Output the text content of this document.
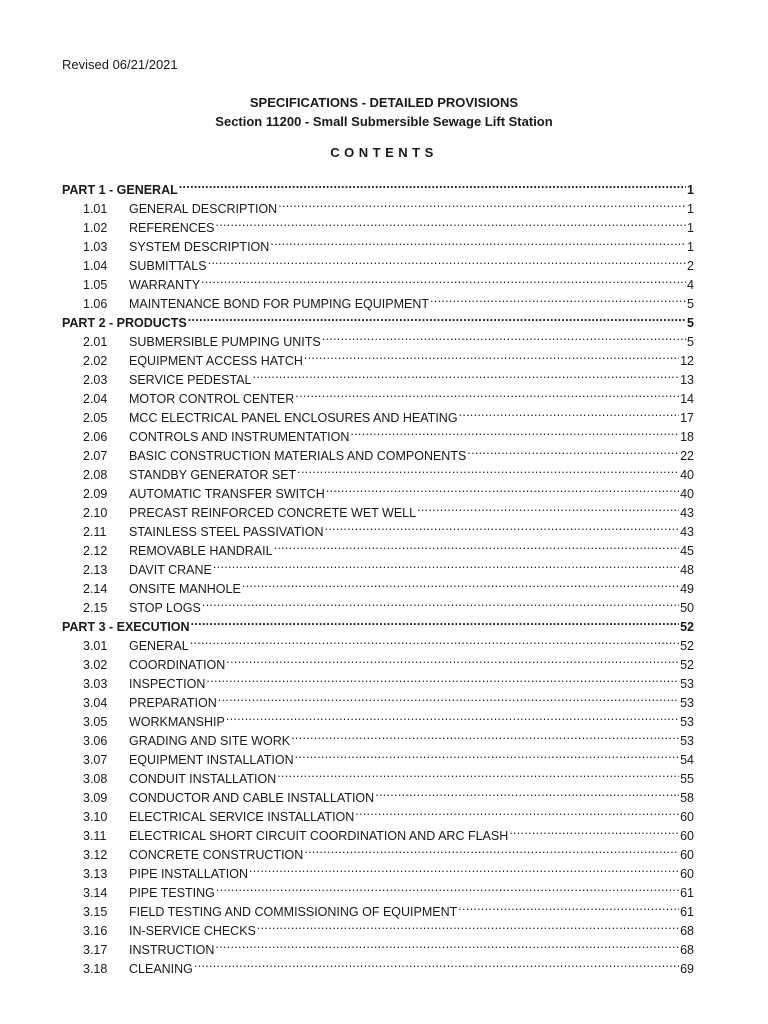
Revised 06/21/2021
SPECIFICATIONS - DETAILED PROVISIONS
Section 11200 - Small Submersible Sewage Lift Station
CONTENTS
PART 1 - GENERAL .....	1
1.01	GENERAL DESCRIPTION .....	1
1.02	REFERENCES .....	1
1.03	SYSTEM DESCRIPTION .....	1
1.04	SUBMITTALS .....	2
1.05	WARRANTY .....	4
1.06	MAINTENANCE BOND FOR PUMPING EQUIPMENT .....	5
PART 2 - PRODUCTS .....	5
2.01	SUBMERSIBLE PUMPING UNITS .....	5
2.02	EQUIPMENT ACCESS HATCH .....	12
2.03	SERVICE PEDESTAL .....	13
2.04	MOTOR CONTROL CENTER .....	14
2.05	MCC ELECTRICAL PANEL ENCLOSURES AND HEATING .....	17
2.06	CONTROLS AND INSTRUMENTATION .....	18
2.07	BASIC CONSTRUCTION MATERIALS AND COMPONENTS .....	22
2.08	STANDBY GENERATOR SET .....	40
2.09	AUTOMATIC TRANSFER SWITCH .....	40
2.10	PRECAST REINFORCED CONCRETE WET WELL .....	43
2.11	STAINLESS STEEL PASSIVATION .....	43
2.12	REMOVABLE HANDRAIL .....	45
2.13	DAVIT CRANE .....	48
2.14	ONSITE MANHOLE .....	49
2.15	STOP LOGS .....	50
PART 3 - EXECUTION .....	52
3.01	GENERAL .....	52
3.02	COORDINATION .....	52
3.03	INSPECTION .....	53
3.04	PREPARATION .....	53
3.05	WORKMANSHIP .....	53
3.06	GRADING AND SITE WORK .....	53
3.07	EQUIPMENT INSTALLATION .....	54
3.08	CONDUIT INSTALLATION .....	55
3.09	CONDUCTOR AND CABLE INSTALLATION .....	58
3.10	ELECTRICAL SERVICE INSTALLATION .....	60
3.11	ELECTRICAL SHORT CIRCUIT COORDINATION AND ARC FLASH .....	60
3.12	CONCRETE CONSTRUCTION .....	60
3.13	PIPE INSTALLATION .....	60
3.14	PIPE TESTING .....	61
3.15	FIELD TESTING AND COMMISSIONING OF EQUIPMENT .....	61
3.16	IN-SERVICE CHECKS .....	68
3.17	INSTRUCTION .....	68
3.18	CLEANING .....	69
